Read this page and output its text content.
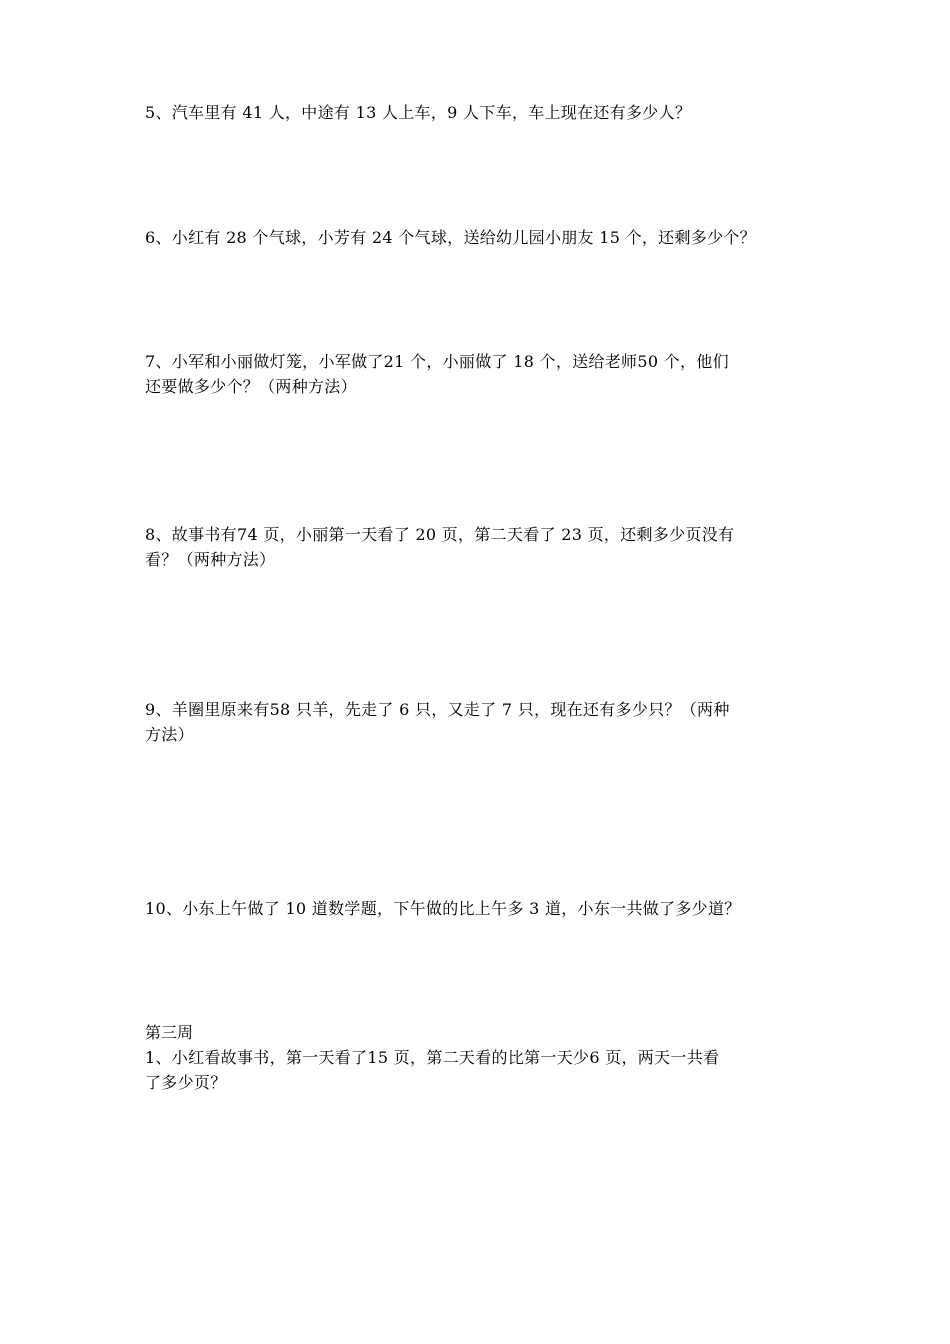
5、汽车里有 41 人，中途有 13 人上车，9 人下车，车上现在还有多少人？
6、小红有 28 个气球，小芳有 24 个气球，送给幼儿园小朋友 15 个，还剩多少个？
7、小军和小丽做灯笼，小军做了21 个，小丽做了 18 个，送给老师50 个，他们
还要做多少个？（两种方法）
8、故事书有74 页，小丽第一天看了 20 页，第二天看了 23 页，还剩多少页没有
看？（两种方法）
9、羊圈里原来有58 只羊，先走了 6 只，又走了 7 只，现在还有多少只？（两种
方法）
10、小东上午做了 10 道数学题，下午做的比上午多 3 道，小东一共做了多少道？
第三周
1、小红看故事书，第一天看了15 页，第二天看的比第一天少6 页，两天一共看
了多少页？
